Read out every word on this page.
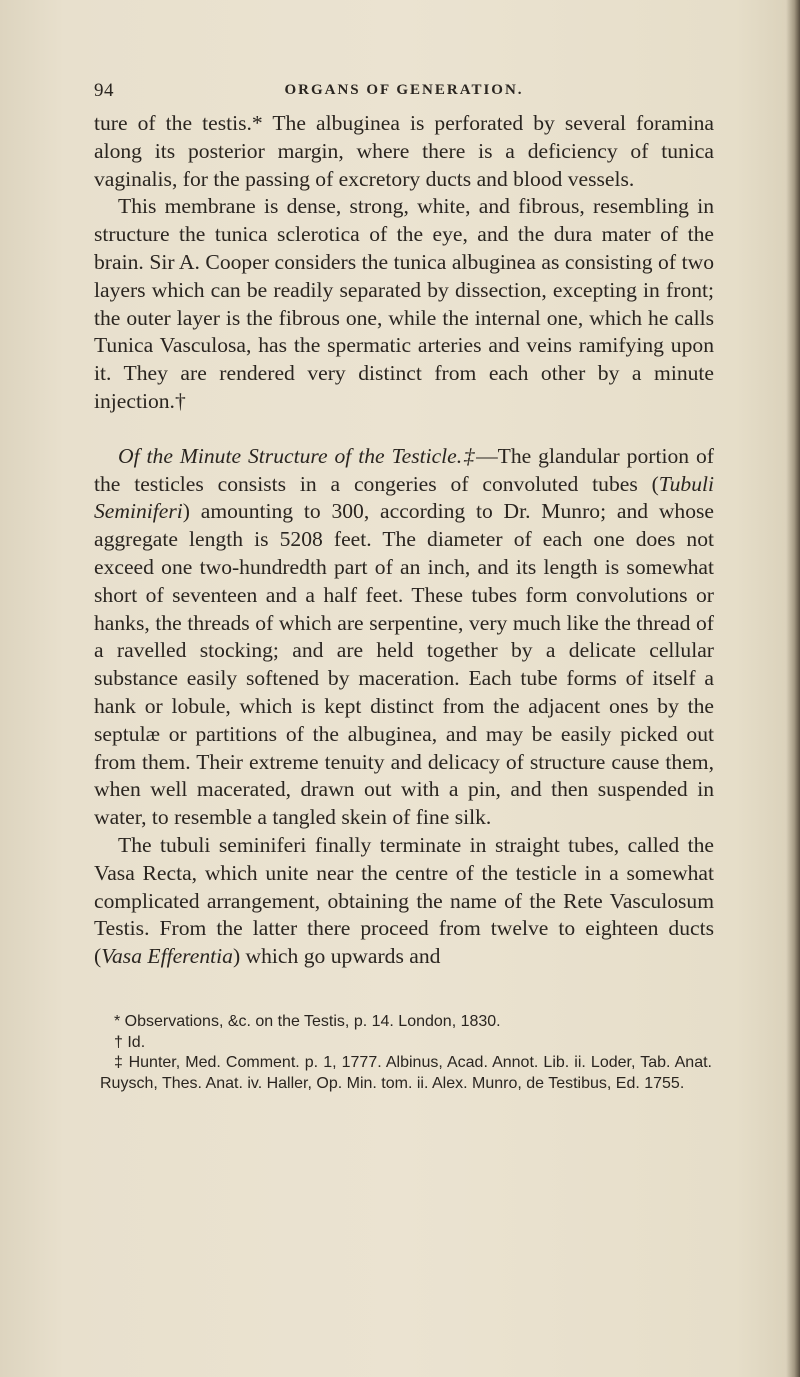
94	ORGANS OF GENERATION.

ture of the testis.* The albuginea is perforated by several foramina along its posterior margin, where there is a deficiency of tunica vaginalis, for the passing of excretory ducts and blood vessels.

This membrane is dense, strong, white, and fibrous, resembling in structure the tunica sclerotica of the eye, and the dura mater of the brain. Sir A. Cooper considers the tunica albuginea as consisting of two layers which can be readily separated by dissection, excepting in front; the outer layer is the fibrous one, while the internal one, which he calls Tunica Vasculosa, has the spermatic arteries and veins ramifying upon it. They are rendered very distinct from each other by a minute injection.†

Of the Minute Structure of the Testicle.‡—The glandular portion of the testicles consists in a congeries of convoluted tubes (Tubuli Seminiferi) amounting to 300, according to Dr. Munro; and whose aggregate length is 5208 feet. The diameter of each one does not exceed one two-hundredth part of an inch, and its length is somewhat short of seventeen and a half feet. These tubes form convolutions or hanks, the threads of which are serpentine, very much like the thread of a ravelled stocking; and are held together by a delicate cellular substance easily softened by maceration. Each tube forms of itself a hank or lobule, which is kept distinct from the adjacent ones by the septulæ or partitions of the albuginea, and may be easily picked out from them. Their extreme tenuity and delicacy of structure cause them, when well macerated, drawn out with a pin, and then suspended in water, to resemble a tangled skein of fine silk.

The tubuli seminiferi finally terminate in straight tubes, called the Vasa Recta, which unite near the centre of the testicle in a somewhat complicated arrangement, obtaining the name of the Rete Vasculosum Testis. From the latter there proceed from twelve to eighteen ducts (Vasa Efferentia) which go upwards and

* Observations, &c. on the Testis, p. 14. London, 1830.

† Id.

‡ Hunter, Med. Comment. p. 1, 1777. Albinus, Acad. Annot. Lib. ii. Loder, Tab. Anat. Ruysch, Thes. Anat. iv. Haller, Op. Min. tom. ii. Alex. Munro, de Testibus, Ed. 1755.
